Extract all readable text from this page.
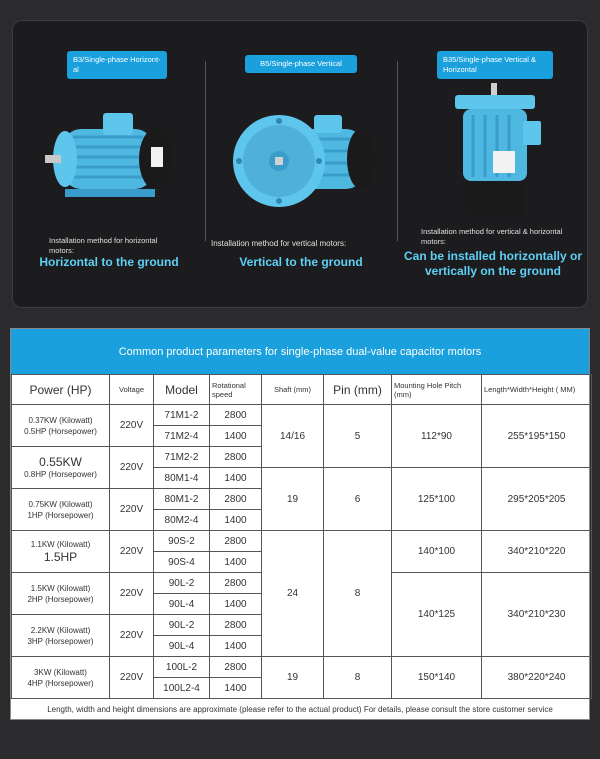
B3/Single-phase Horizont-al
Installation method for horizontal motors:
Horizontal to the ground
B5/Single-phase Vertical
Installation method for vertical motors:
Vertical to the ground
B35/Single-phase Vertical & Horizontal
Installation method for vertical & horizontal motors:
Can be installed horizontally or vertically on the ground
Common product parameters for single-phase dual-value capacitor motors
Power (HP)	Voltage	Model	Rotational speed	Shaft (mm)	Pin (mm)	Mounting Hole Pitch (mm)	Length*Width*Height ( MM)

0.37KW (Kilowatt)
0.5HP (Horsepower)	220V	71M1-2	2800	14/16	5	112*90	255*195*150
		71M2-4	1400				

0.55KW
0.8HP (Horsepower)	220V	71M2-2	2800				
		80M1-4	1400	19	6	125*100	295*205*205

0.75KW (Kilowatt)
1HP (Horsepower)	220V	80M1-2	2800				
		80M2-4	1400				

1.1KW (Kilowatt)
1.5HP	220V	90S-2	2800	24	8	140*100	340*210*220
		90S-4	1400				

1.5KW (Kilowatt)
2HP (Horsepower)	220V	90L-2	2800			140*125	340*210*230
		90L-4	1400				

2.2KW (Kilowatt)
3HP (Horsepower)	220V	90L-2	2800				
		90L-4	1400				

3KW (Kilowatt)
4HP (Horsepower)	220V	100L-2	2800	19	8	150*140	380*220*240
		100L2-4	1400				
Length, width and height dimensions are approximate (please refer to the actual product) For details, please consult the store customer service
